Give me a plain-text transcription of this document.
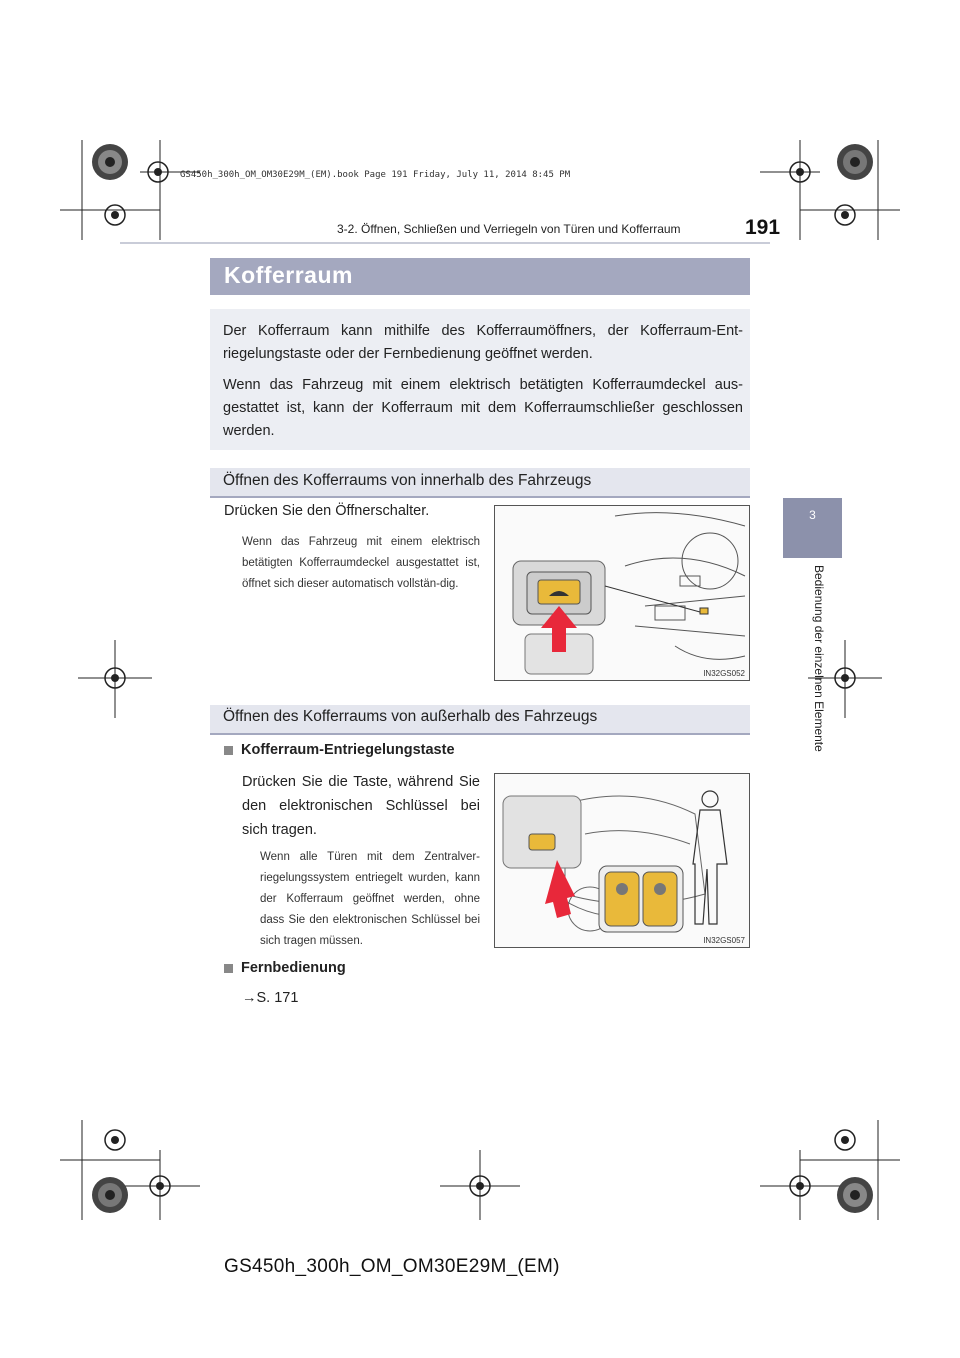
GS450h_300h_OM_OM30E29M_(EM).book Page 191 Friday, July 11, 2014 8:45 PM
3-2. Öffnen, Schließen und Verriegeln von Türen und Kofferraum	191
3
Bedienung der einzelnen Elemente
Kofferraum
Der Kofferraum kann mithilfe des Kofferraumöffners, der Kofferraum-Ent-riegelungstaste oder der Fernbedienung geöffnet werden.
Wenn das Fahrzeug mit einem elektrisch betätigten Kofferraumdeckel aus-gestattet ist, kann der Kofferraum mit dem Kofferraumschließer geschlossen werden.
Öffnen des Kofferraums von innerhalb des Fahrzeugs
Drücken Sie den Öffnerschalter.
Wenn das Fahrzeug mit einem elektrisch betätigten Kofferraumdeckel ausgestattet ist, öffnet sich dieser automatisch vollstän-dig.
IN32GS052
Öffnen des Kofferraums von außerhalb des Fahrzeugs
Kofferraum-Entriegelungstaste
Drücken Sie die Taste, während Sie den elektronischen Schlüssel bei sich tragen.
Wenn alle Türen mit dem Zentralver-riegelungssystem entriegelt wurden, kann der Kofferraum geöffnet werden, ohne dass Sie den elektronischen Schlüssel bei sich tragen müssen.	IN32GS057
Fernbedienung
→S. 171
GS450h_300h_OM_OM30E29M_(EM)
